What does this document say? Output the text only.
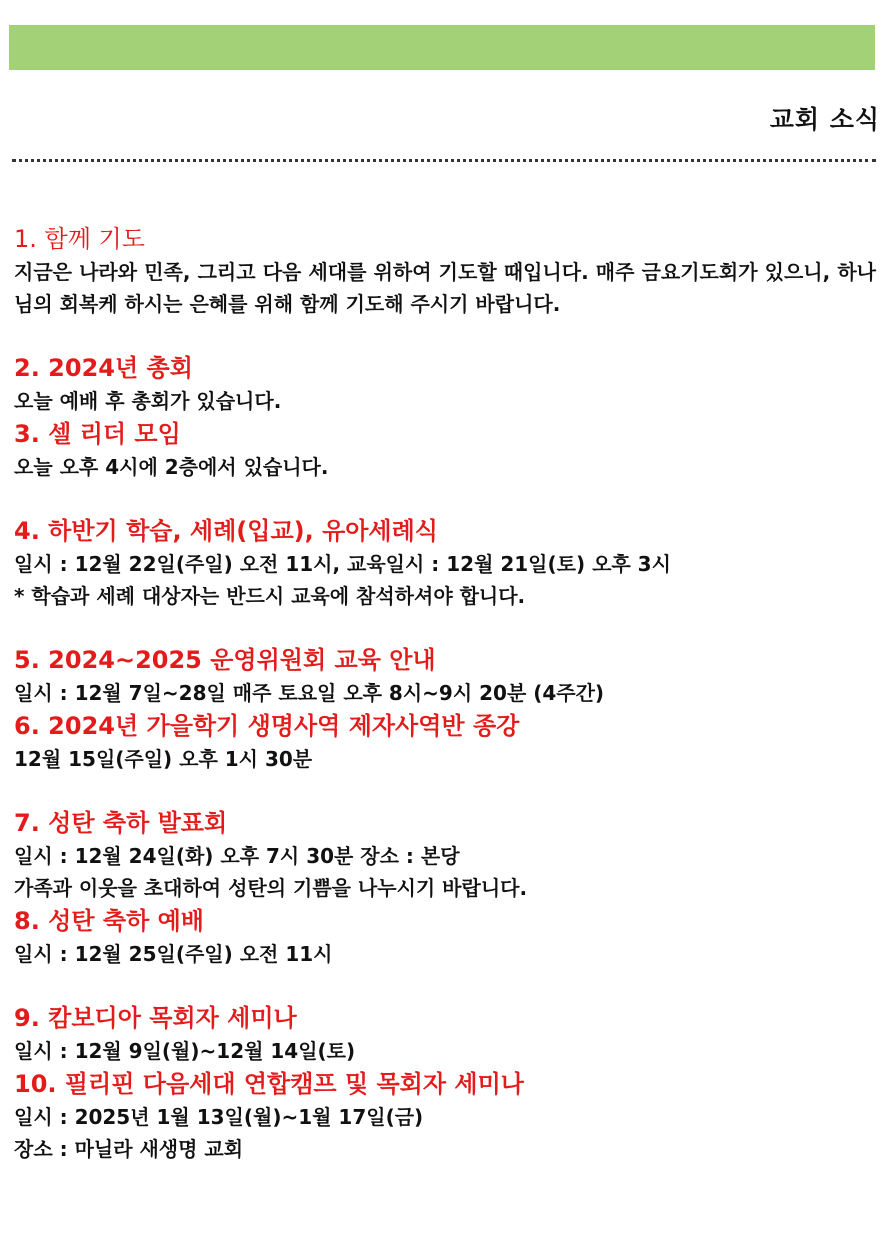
교회 소식

1. 함께 기도

지금은 나라와 민족, 그리고 다음 세대를 위하여 기도할 때입니다. 매주 금요기도회가 있으니, 하나님의 회복케 하시는 은혜를 위해 함께 기도해 주시기 바랍니다.

2. 2024년 총회

오늘 예배 후 총회가 있습니다.

3. 셀 리더 모임

오늘 오후 4시에 2층에서 있습니다.

4. 하반기 학습, 세례(입교), 유아세례식

일시 : 12월 22일(주일) 오전 11시, 교육일시 : 12월 21일(토) 오후 3시

* 학습과 세례 대상자는 반드시 교육에 참석하셔야 합니다.

5. 2024~2025 운영위원회 교육 안내

일시 : 12월 7일~28일 매주 토요일 오후 8시~9시 20분 (4주간)

6. 2024년 가을학기 생명사역 제자사역반 종강

12월 15일(주일) 오후 1시 30분

7. 성탄 축하 발표회

일시 : 12월 24일(화) 오후 7시 30분 장소 : 본당

가족과 이웃을 초대하여 성탄의 기쁨을 나누시기 바랍니다.

8. 성탄 축하 예배

일시 : 12월 25일(주일) 오전 11시

9. 캄보디아 목회자 세미나

일시 : 12월 9일(월)~12월 14일(토)

10. 필리핀 다음세대 연합캠프 및 목회자 세미나

일시 : 2025년 1월 13일(월)~1월 17일(금)

장소 : 마닐라 새생명 교회
